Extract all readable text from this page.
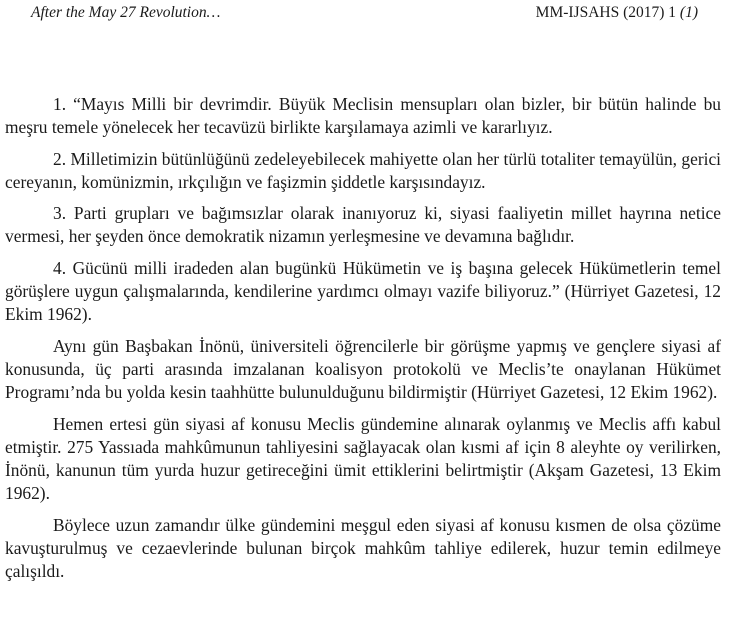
After the May 27 Revolution…	MM-IJSAHS (2017) 1 (1)

1. “Mayıs Milli bir devrimdir. Büyük Meclisin mensupları olan bizler, bir bütün halinde bu meşru temele yönelecek her tecavüzü birlikte karşılamaya azimli ve kararlıyız.

2. Milletimizin bütünlüğünü zedeleyebilecek mahiyette olan her türlü totaliter temayülün, gerici cereyanın, komünizmin, ırkçılığın ve faşizmin şiddetle karşısındayız.

3. Parti grupları ve bağımsızlar olarak inanıyoruz ki, siyasi faaliyetin millet hayrına netice vermesi, her şeyden önce demokratik nizamın yerleşmesine ve devamına bağlıdır.

4. Gücünü milli iradeden alan bugünkü Hükümetin ve iş başına gelecek Hükümetlerin temel görüşlere uygun çalışmalarında, kendilerine yardımcı olmayı vazife biliyoruz.” (Hürriyet Gazetesi, 12 Ekim 1962).

Aynı gün Başbakan İnönü, üniversiteli öğrencilerle bir görüşme yapmış ve gençlere siyasi af konusunda, üç parti arasında imzalanan koalisyon protokolü ve Meclis’te onaylanan Hükümet Programı’nda bu yolda kesin taahhütte bulunulduğunu bildirmiştir (Hürriyet Gazetesi, 12 Ekim 1962).

Hemen ertesi gün siyasi af konusu Meclis gündemine alınarak oylanmış ve Meclis affı kabul etmiştir. 275 Yassıada mahkûmunun tahliyesini sağlayacak olan kısmi af için 8 aleyhte oy verilirken, İnönü, kanunun tüm yurda huzur getireceğini ümit ettiklerini belirtmiştir (Akşam Gazetesi, 13 Ekim 1962).

Böylece uzun zamandır ülke gündemini meşgul eden siyasi af konusu kısmen de olsa çözüme kavuşturulmuş ve cezaevlerinde bulunan birçok mahkûm tahliye edilerek, huzur temin edilmeye çalışıldı.
